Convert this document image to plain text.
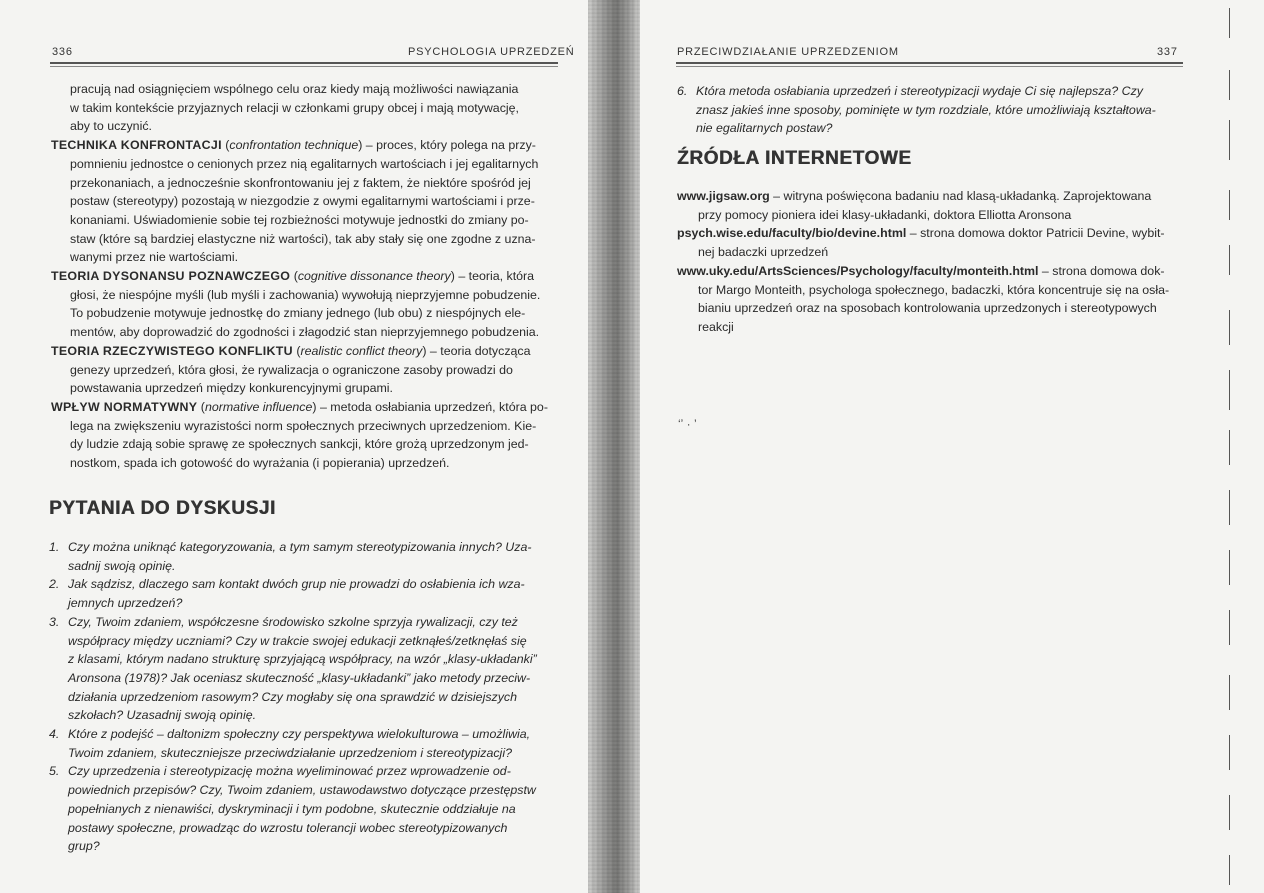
336	PSYCHOLOGIA UPRZEDZEŃ

pracują nad osiągnięciem wspólnego celu oraz kiedy mają możliwości nawiązania

w takim kontekście przyjaznych relacji w członkami grupy obcej i mają motywację,

aby to uczynić.

TECHNIKA KONFRONTACJI (confrontation technique) – proces, który polega na przy-

pomnieniu jednostce o cenionych przez nią egalitarnych wartościach i jej egalitarnych

przekonaniach, a jednocześnie skonfrontowaniu jej z faktem, że niektóre spośród jej

postaw (stereotypy) pozostają w niezgodzie z owymi egalitarnymi wartościami i prze-

konaniami. Uświadomienie sobie tej rozbieżności motywuje jednostki do zmiany po-

staw (które są bardziej elastyczne niż wartości), tak aby stały się one zgodne z uzna-

wanymi przez nie wartościami.

TEORIA DYSONANSU POZNAWCZEGO (cognitive dissonance theory) – teoria, która

głosi, że niespójne myśli (lub myśli i zachowania) wywołują nieprzyjemne pobudzenie.

To pobudzenie motywuje jednostkę do zmiany jednego (lub obu) z niespójnych ele-

mentów, aby doprowadzić do zgodności i złagodzić stan nieprzyjemnego pobudzenia.

TEORIA RZECZYWISTEGO KONFLIKTU (realistic conflict theory) – teoria dotycząca

genezy uprzedzeń, która głosi, że rywalizacja o ograniczone zasoby prowadzi do

powstawania uprzedzeń między konkurencyjnymi grupami.

WPŁYW NORMATYWNY (normative influence) – metoda osłabiania uprzedzeń, która po-

lega na zwiększeniu wyrazistości norm społecznych przeciwnych uprzedzeniom. Kie-

dy ludzie zdają sobie sprawę ze społecznych sankcji, które grożą uprzedzonym jed-

nostkom, spada ich gotowość do wyrażania (i popierania) uprzedzeń.

PYTANIA DO DYSKUSJI
1. Czy można uniknąć kategoryzowania, a tym samym stereotypizowania innych? Uza-

sadnij swoją opinię.

2. Jak sądzisz, dlaczego sam kontakt dwóch grup nie prowadzi do osłabienia ich wza-

jemnych uprzedzeń?

3. Czy, Twoim zdaniem, współczesne środowisko szkolne sprzyja rywalizacji, czy też

współpracy między uczniami? Czy w trakcie swojej edukacji zetknąłeś/zetknęłaś się

z klasami, którym nadano strukturę sprzyjającą współpracy, na wzór „klasy-układanki”

Aronsona (1978)? Jak oceniasz skuteczność „klasy-układanki” jako metody przeciw-

działania uprzedzeniom rasowym? Czy mogłaby się ona sprawdzić w dzisiejszych

szkołach? Uzasadnij swoją opinię.

4. Które z podejść – daltonizm społeczny czy perspektywa wielokulturowa – umożliwia,

Twoim zdaniem, skuteczniejsze przeciwdziałanie uprzedzeniom i stereotypizacji?

5. Czy uprzedzenia i stereotypizację można wyeliminować przez wprowadzenie od-

powiednich przepisów? Czy, Twoim zdaniem, ustawodawstwo dotyczące przestępstw

popełnianych z nienawiści, dyskryminacji i tym podobne, skutecznie oddziałuje na

postawy społeczne, prowadząc do wzrostu tolerancji wobec stereotypizowanych

grup?

PRZECIWDZIAŁANIE UPRZEDZENIOM	337
6. Która metoda osłabiania uprzedzeń i stereotypizacji wydaje Ci się najlepsza? Czy

znasz jakieś inne sposoby, pominięte w tym rozdziale, które umożliwiają kształtowa-

nie egalitarnych postaw?

ŹRÓDŁA INTERNETOWE

www.jigsaw.org – witryna poświęcona badaniu nad klasą-układanką. Zaprojektowana

przy pomocy pioniera idei klasy-układanki, doktora Elliotta Aronsona

psych.wise.edu/faculty/bio/devine.html – strona domowa doktor Patricii Devine, wybit-

nej badaczki uprzedzeń

www.uky.edu/ArtsSciences/Psychology/faculty/monteith.html – strona domowa dok-

tor Margo Monteith, psychologa społecznego, badaczki, która koncentruje się na osła-

bianiu uprzedzeń oraz na sposobach kontrolowania uprzedzonych i stereotypowych

reakcji

‘ʼ · ’
